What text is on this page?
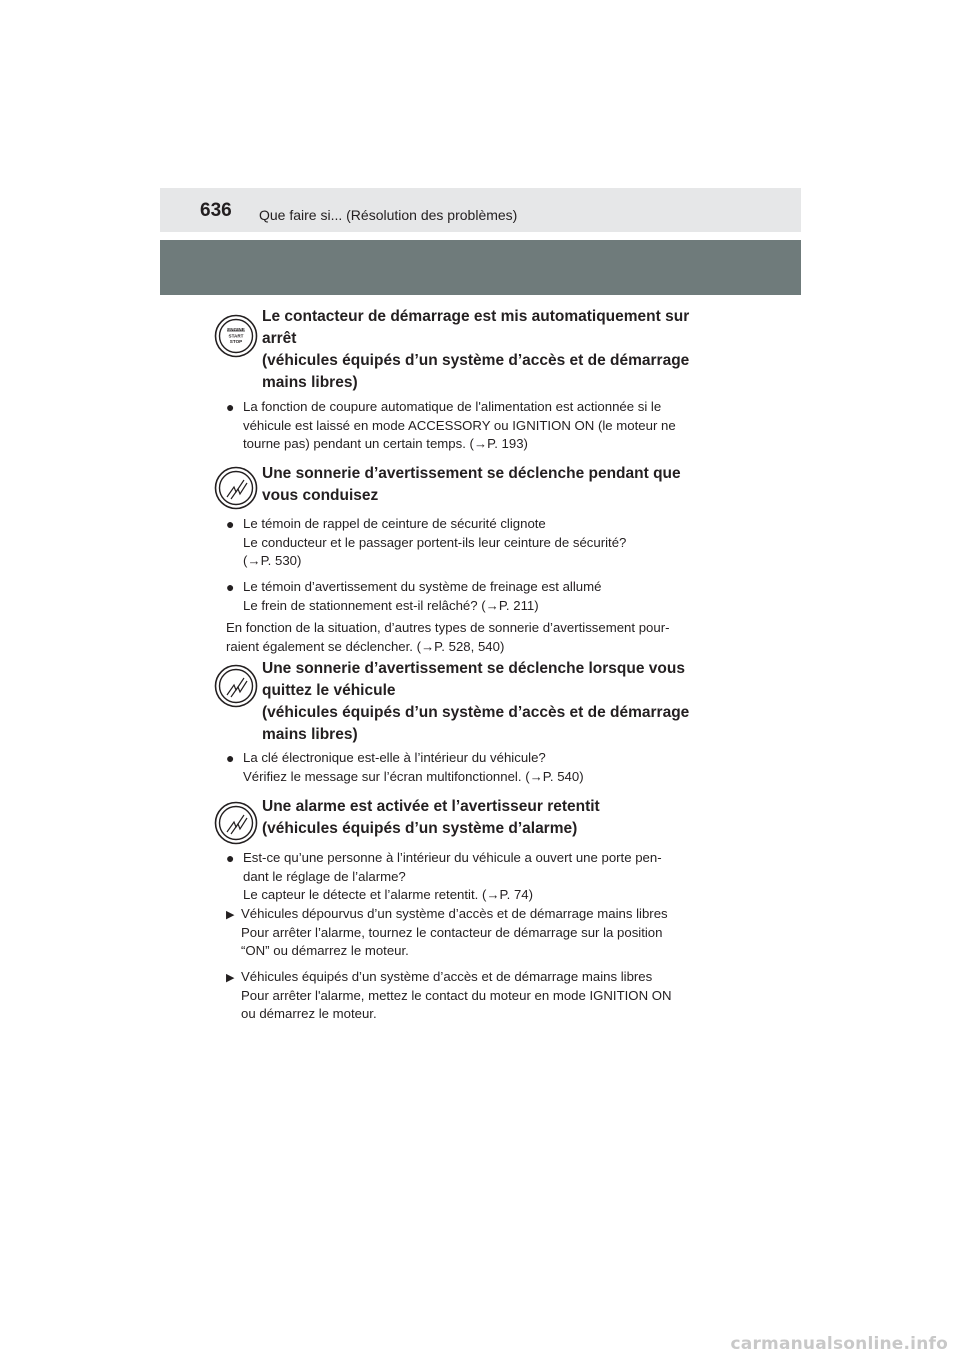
636 Que faire si... (Résolution des problèmes)
ENGINE
START
STOP
Le contacteur de démarrage est mis automatiquement sur
arrêt
(véhicules équipés d’un système d’accès et de démarrage
mains libres)
● La fonction de coupure automatique de l'alimentation est actionnée si le
véhicule est laissé en mode ACCESSORY ou IGNITION ON (le moteur ne
tourne pas) pendant un certain temps. (→P. 193)
Une sonnerie d’avertissement se déclenche pendant que
vous conduisez
● Le témoin de rappel de ceinture de sécurité clignote
Le conducteur et le passager portent-ils leur ceinture de sécurité?
(→P. 530)
● Le témoin d’avertissement du système de freinage est allumé
Le frein de stationnement est-il relâché? (→P. 211)
En fonction de la situation, d’autres types de sonnerie d’avertissement pour-
raient également se déclencher. (→P. 528, 540)
Une sonnerie d’avertissement se déclenche lorsque vous
quittez le véhicule
(véhicules équipés d’un système d’accès et de démarrage
mains libres)
● La clé électronique est-elle à l’intérieur du véhicule?
Vérifiez le message sur l’écran multifonctionnel. (→P. 540)
Une alarme est activée et l’avertisseur retentit
(véhicules équipés d’un système d’alarme)
● Est-ce qu’une personne à l’intérieur du véhicule a ouvert une porte pen-
dant le réglage de l’alarme?
Le capteur le détecte et l’alarme retentit. (→P. 74)
▶ Véhicules dépourvus d’un système d’accès et de démarrage mains libres
Pour arrêter l’alarme, tournez le contacteur de démarrage sur la position
“ON” ou démarrez le moteur.
▶ Véhicules équipés d’un système d’accès et de démarrage mains libres
Pour arrêter l'alarme, mettez le contact du moteur en mode IGNITION ON
ou démarrez le moteur.
carmanualsonline.info
